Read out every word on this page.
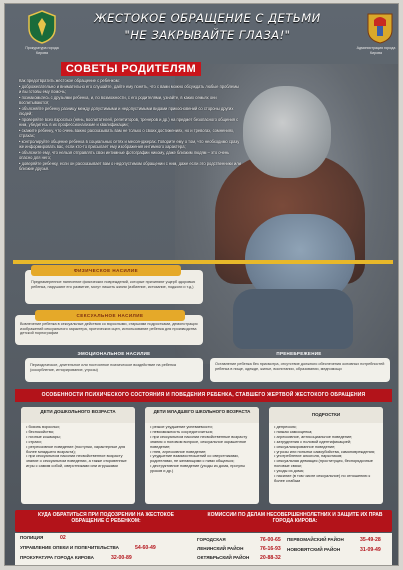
Прокуратура города Кирова
Администрация города Кирова
ЖЕСТОКОЕ ОБРАЩЕНИЕ С ДЕТЬМИ
"НЕ ЗАКРЫВАЙТЕ ГЛАЗА!"
СОВЕТЫ РОДИТЕЛЯМ

Как предотвратить жестокое обращение с ребенком:

• доброжелательно и внимательно его слушайте, дайте ему понять, что с вами можно обсуждать любые проблемы и вы готовы ему помочь;

• познакомьтесь с друзьями ребенка, и, по возможности, с его родителями, узнайте, в каких семьях они воспитываются;

• объясняйте ребенку разницу между допустимыми и недопустимыми видами прикосновений со стороны других людей;

• проверяйте всех взрослых (нянь, воспитателей, репетиторов, тренеров и др.) на предмет безопасного общения с ним, убедитесь в их профессионализме и квалификации;

• скажите ребенку, что очень важно рассказывать вам не только о своих достижениях, но и тревогах, сомнениях, страхах;

• контролируйте общение ребенка в социальных сетях и мессенджерах. Говорите ему о том, что необходимо сразу же информировать вас, если кто-то присылает ему изображения интимного характера;

• объясните ему, что нельзя отправлять свои интимные фотографии никому, даже близким людям – это очень опасно для него;

• доверяйте ребенку, если он рассказывает вам о недопустимом обращении с ним, даже если это родственники или близкие друзья.

ФИЗИЧЕСКОЕ НАСИЛИЕ
Преднамеренное нанесение физических повреждений, которые причиняют ущерб здоровью ребенка, нарушают его развитие, могут лишить жизни (избиение, истязание, поджоги и т.д.)
СЕКСУАЛЬНОЕ НАСИЛИЕ
Вовлечение ребенка в сексуальные действия со взрослыми, старшими подростками, демонстрация изображений сексуального характера, эротических сцен, использование ребенка для производства детской порнографии
ЭМОЦИОНАЛЬНОЕ НАСИЛИЕ
Периодическое, длительное или постоянное психическое воздействие на ребенка (оскорбление, игнорирование, угрозы)
ПРЕНЕБРЕЖЕНИЕ
Оставление ребенка без присмотра, отсутствие должного обеспечения основных потребностей ребенка в пище, одежде, жилье, воспитании, образовании, медпомощи
ОСОБЕННОСТИ ПСИХИЧЕСКОГО СОСТОЯНИЯ И ПОВЕДЕНИЯ РЕБЕНКА, СТАВШЕГО ЖЕРТВОЙ ЖЕСТОКОГО ОБРАЩЕНИЯ
ДЕТИ ДОШКОЛЬНОГО ВОЗРАСТА
• боязнь взрослых;
• беспокойство;
• ночные кошмары;
• страхи;
• регрессивное поведение (поступки, характерные для более младшего возраста);
• при сексуальном насилии несвойственное возрасту знание о сексуальном поведении, а также откровенные игры с самим собой, сверстниками или игрушками
ДЕТИ МЛАДШЕГО ШКОЛЬНОГО ВОЗРАСТА
• резкое ухудшение успеваемости;
• невозможность сосредоточиться;
• при сексуальном насилии несвойственные возрасту знания о половом вопросе, сексуальное окрашенное поведение;
• гнев, агрессивное поведение;
• ухудшение взаимоотношений со сверстниками, родителями, не желающими с ними общаться;
• деструктивное поведение (уходы из дома, прогулы уроков и др.)
ПОДРОСТКИ
• депрессия;
• низкая самооценка;
• агрессивное, антисоциальное поведение;
• затруднения с половой идентификацией;
• сексуализированное поведение;
• угрозы или попытки самоубийства, самоповреждения;
• употребление алкоголя, наркотиков;
• сексуальная девиация (проституция, беспорядочные половые связи;
• уходы из дома;
• насилие (в том числе сексуальное) по отношению к более слабым
КУДА ОБРАТИТЬСЯ ПРИ ПОДОЗРЕНИИ НА ЖЕСТОКОЕ ОБРАЩЕНИЕ С РЕБЕНКОМ:
КОМИССИИ ПО ДЕЛАМ НЕСОВЕРШЕННОЛЕТНИХ И ЗАЩИТЕ ИХ ПРАВ ГОРОДА КИРОВА:
ПОЛИЦИЯ	02
УПРАВЛЕНИЕ ОПЕКИ И ПОПЕЧИТЕЛЬСТВА	54-60-49
ПРОКУРАТУРА ГОРОДА КИРОВА	32-00-89
ГОРОДСКАЯ	76-00-65
ЛЕНИНСКИЙ РАЙОН	76-16-93
ОКТЯБРЬСКИЙ РАЙОН 20-88-32
ПЕРВОМАЙСКИЙ РАЙОН	35-49-28
НОВОВЯТСКИЙ РАЙОН	31-09-49
